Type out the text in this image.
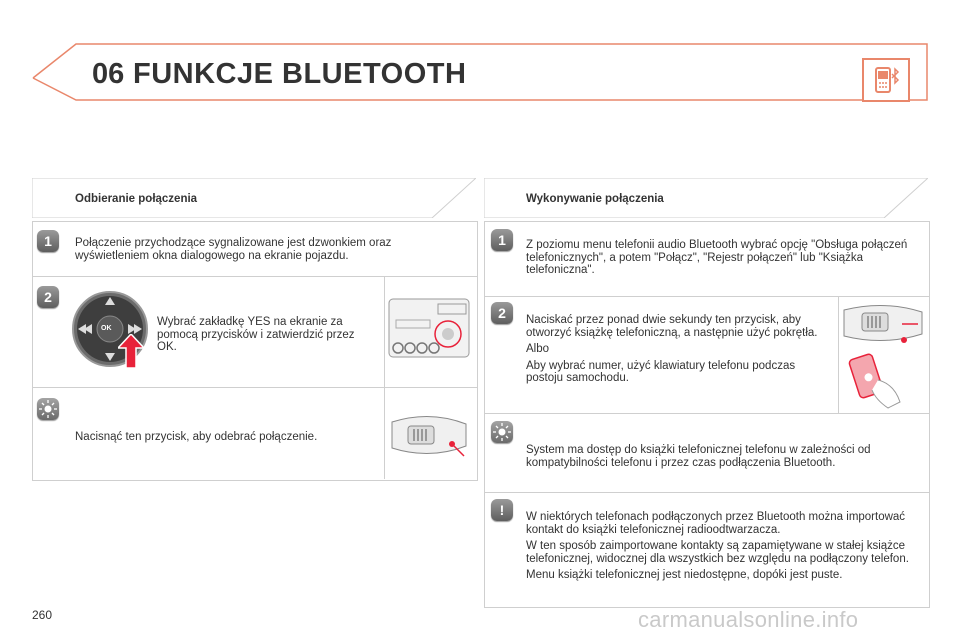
06 FUNKCJE BLUETOOTH
Odbieranie połączenia
1	Połączenie przychodzące sygnalizowane jest dzwonkiem oraz wyświetleniem okna dialogowego na ekranie pojazdu.
2
OK
Wybrać zakładkę YES na ekranie za pomocą przycisków i zatwierdzić przez OK.
Nacisnąć ten przycisk, aby odebrać połączenie.
Wykonywanie połączenia
1	Z poziomu menu telefonii audio Bluetooth wybrać opcję "Obsługa połączeń telefonicznych", a potem "Połącz", "Rejestr połączeń" lub "Książka telefoniczna".
2	Naciskać przez ponad dwie sekundy ten przycisk, aby otworzyć książkę telefoniczną, a następnie użyć pokrętła.

Albo

Aby wybrać numer, użyć klawiatury telefonu podczas postoju samochodu.

System ma dostęp do książki telefonicznej telefonu w zależności od kompatybilności telefonu i przez czas podłączenia Bluetooth.
!	W niektórych telefonach podłączonych przez Bluetooth można importować kontakt do książki telefonicznej radioodtwarzacza.

W ten sposób zaimportowane kontakty są zapamiętywane w stałej książce telefonicznej, widocznej dla wszystkich bez względu na podłączony telefon.

Menu książki telefonicznej jest niedostępne, dopóki jest puste.

260	carmanualsonline.info
